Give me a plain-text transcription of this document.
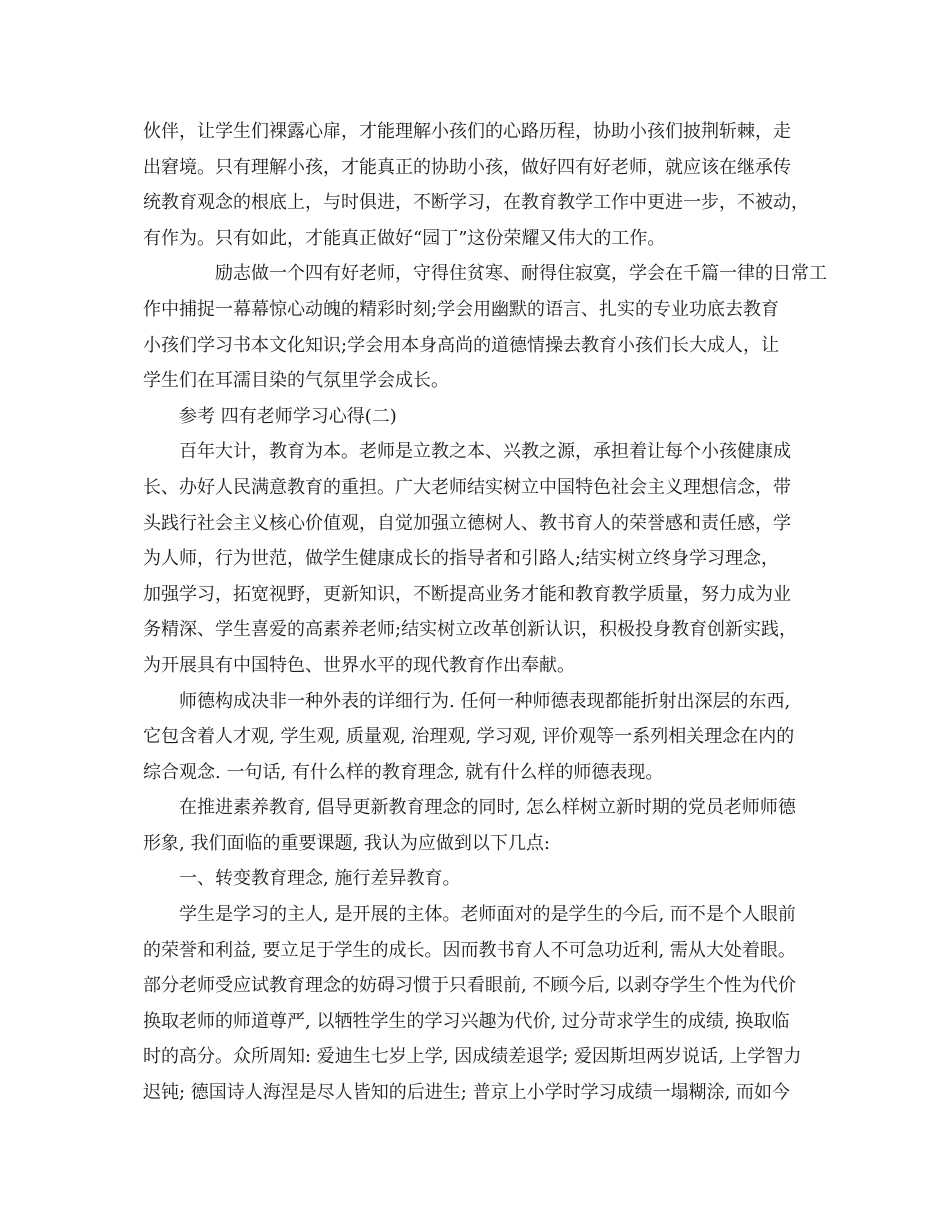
伙伴，让学生们裸露心扉，才能理解小孩们的心路历程，协助小孩们披荆斩棘，走
出窘境。只有理解小孩，才能真正的协助小孩，做好四有好老师，就应该在继承传
统教育观念的根底上，与时俱进，不断学习，在教育教学工作中更进一步，不被动，
有作为。只有如此，才能真正做好“园丁”这份荣耀又伟大的工作。
励志做一个四有好老师，守得住贫寒、耐得住寂寞，学会在千篇一律的日常工
作中捕捉一幕幕惊心动魄的精彩时刻;学会用幽默的语言、扎实的专业功底去教育
小孩们学习书本文化知识;学会用本身高尚的道德情操去教育小孩们长大成人，让
学生们在耳濡目染的气氛里学会成长。
参考 四有老师学习心得(二)
百年大计，教育为本。老师是立教之本、兴教之源，承担着让每个小孩健康成
长、办好人民满意教育的重担。广大老师结实树立中国特色社会主义理想信念，带
头践行社会主义核心价值观，自觉加强立德树人、教书育人的荣誉感和责任感，学
为人师，行为世范，做学生健康成长的指导者和引路人;结实树立终身学习理念，
加强学习，拓宽视野，更新知识，不断提高业务才能和教育教学质量，努力成为业
务精深、学生喜爱的高素养老师;结实树立改革创新认识，积极投身教育创新实践，
为开展具有中国特色、世界水平的现代教育作出奉献。
师德构成决非一种外表的详细行为. 任何一种师德表现都能折射出深层的东西,
它包含着人才观, 学生观, 质量观, 治理观, 学习观, 评价观等一系列相关理念在内的
综合观念. 一句话, 有什么样的教育理念, 就有什么样的师德表现。
在推进素养教育, 倡导更新教育理念的同时, 怎么样树立新时期的党员老师师德
形象, 我们面临的重要课题, 我认为应做到以下几点:
一、转变教育理念, 施行差异教育。
学生是学习的主人, 是开展的主体。老师面对的是学生的今后, 而不是个人眼前
的荣誉和利益, 要立足于学生的成长。因而教书育人不可急功近利, 需从大处着眼。
部分老师受应试教育理念的妨碍习惯于只看眼前, 不顾今后, 以剥夺学生个性为代价
换取老师的师道尊严, 以牺牲学生的学习兴趣为代价, 过分苛求学生的成绩, 换取临
时的高分。众所周知: 爱迪生七岁上学, 因成绩差退学; 爱因斯坦两岁说话, 上学智力
迟钝; 德国诗人海涅是尽人皆知的后进生; 普京上小学时学习成绩一塌糊涂, 而如今
